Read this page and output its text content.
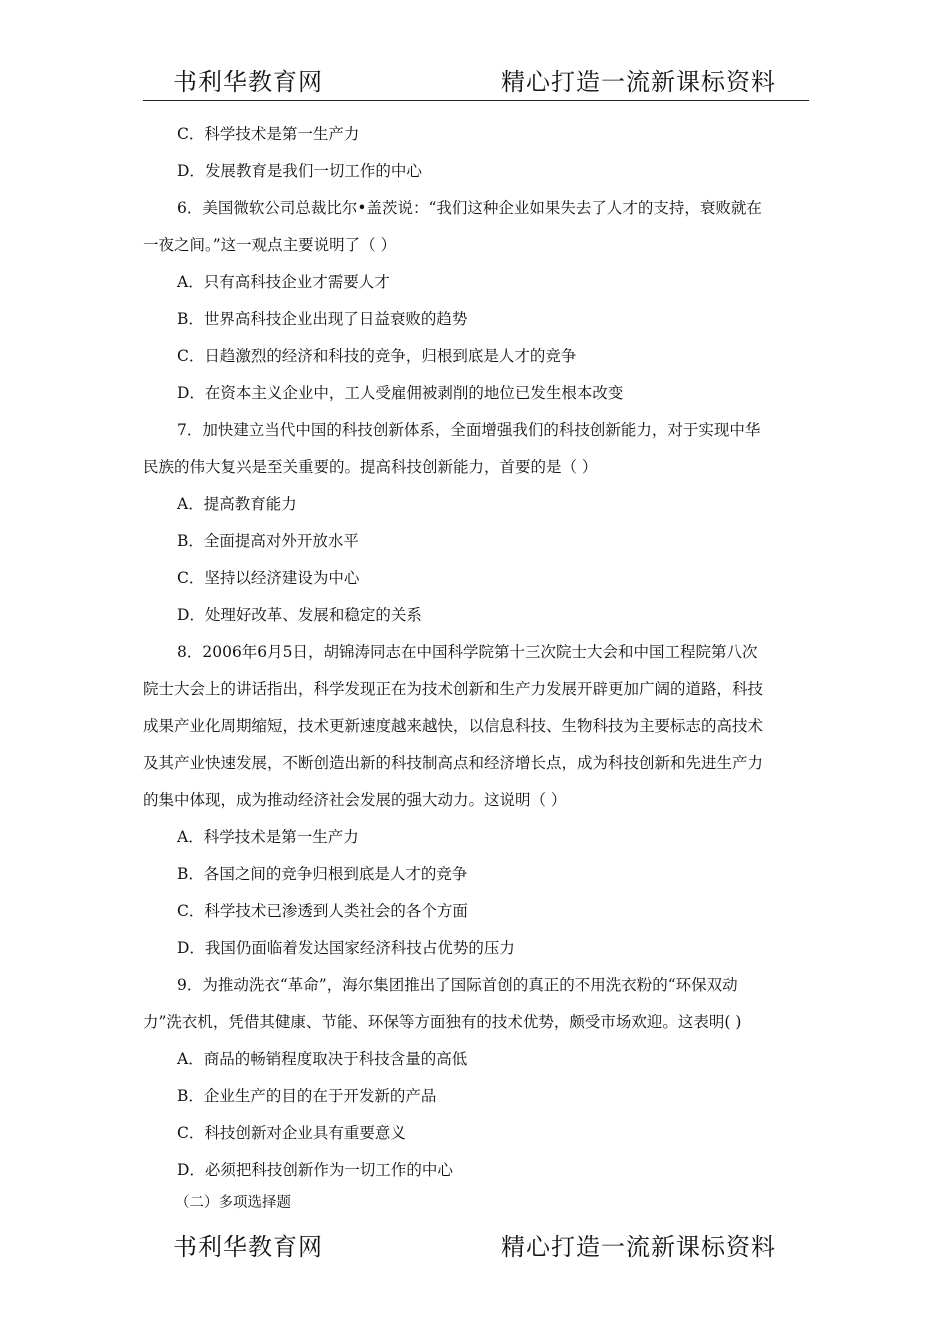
书利华教育网	精心打造一流新课标资料
C．科学技术是第一生产力
D．发展教育是我们一切工作的中心
6．美国微软公司总裁比尔•盖茨说：“我们这种企业如果失去了人才的支持，衰败就在
一夜之间。”这一观点主要说明了（ ）
A．只有高科技企业才需要人才
B．世界高科技企业出现了日益衰败的趋势
C．日趋激烈的经济和科技的竞争，归根到底是人才的竞争
D．在资本主义企业中，工人受雇佣被剥削的地位已发生根本改变
7．加快建立当代中国的科技创新体系，全面增强我们的科技创新能力，对于实现中华
民族的伟大复兴是至关重要的。提高科技创新能力，首要的是（ ）
A．提高教育能力
B．全面提高对外开放水平
C．坚持以经济建设为中心
D．处理好改革、发展和稳定的关系
8．2006年6月5日，胡锦涛同志在中国科学院第十三次院士大会和中国工程院第八次
院士大会上的讲话指出，科学发现正在为技术创新和生产力发展开辟更加广阔的道路，科技
成果产业化周期缩短，技术更新速度越来越快，以信息科技、生物科技为主要标志的高技术
及其产业快速发展，不断创造出新的科技制高点和经济增长点，成为科技创新和先进生产力
的集中体现，成为推动经济社会发展的强大动力。这说明（ ）
A．科学技术是第一生产力
B．各国之间的竞争归根到底是人才的竞争
C．科学技术已渗透到人类社会的各个方面
D．我国仍面临着发达国家经济科技占优势的压力
9．为推动洗衣“革命”，海尔集团推出了国际首创的真正的不用洗衣粉的“环保双动
力”洗衣机，凭借其健康、节能、环保等方面独有的技术优势，颇受市场欢迎。这表明( )
A．商品的畅销程度取决于科技含量的高低
B．企业生产的目的在于开发新的产品
C．科技创新对企业具有重要意义
D．必须把科技创新作为一切工作的中心
（二）多项选择题
书利华教育网	精心打造一流新课标资料
